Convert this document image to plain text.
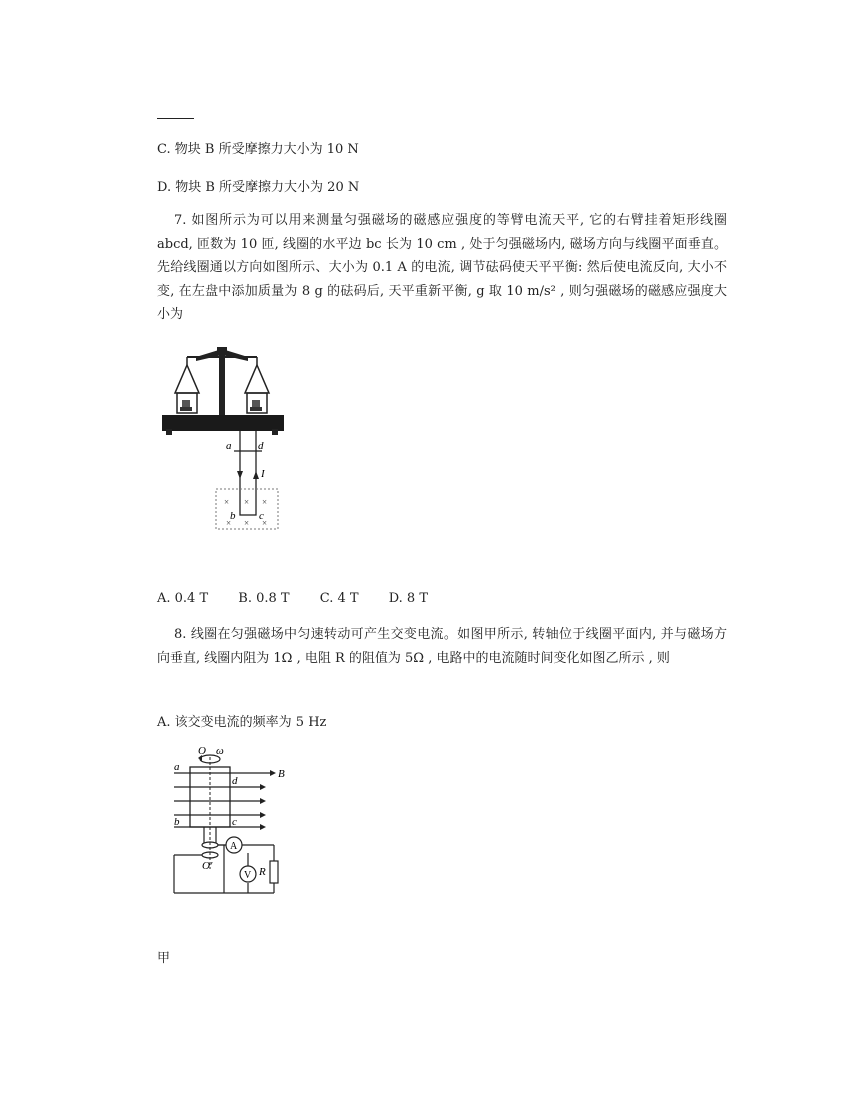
C. 物块 B 所受摩擦力大小为 10 N
D. 物块 B 所受摩擦力大小为 20 N
7. 如图所示为可以用来测量匀强磁场的磁感应强度的等臂电流天平, 它的右臂挂着矩形线圈 abcd, 匝数为 10 匝, 线圈的水平边 bc 长为 10 cm , 处于匀强磁场内, 磁场方向与线圈平面垂直。先给线圈通以方向如图所示、大小为 0.1 A 的电流, 调节砝码使天平平衡: 然后使电流反向, 大小不变, 在左盘中添加质量为 8 g 的砝码后, 天平重新平衡, g 取 10 m/s² , 则匀强磁场的磁感应强度大小为
× × ×
× × ×
a d
I
b c
A. 0.4 T B. 0.8 T C. 4 T D. 8 T
8. 线圈在匀强磁场中匀速转动可产生交变电流。如图甲所示, 转轴位于线圈平面内, 并与磁场方向垂直, 线圈内阻为 1Ω , 电阻 R 的阻值为 5Ω , 电路中的电流随时间变化如图乙所示 , 则
A. 该交变电流的频率为 5 Hz
O ω
B
a
d
b	c
A
V R
O′
甲
